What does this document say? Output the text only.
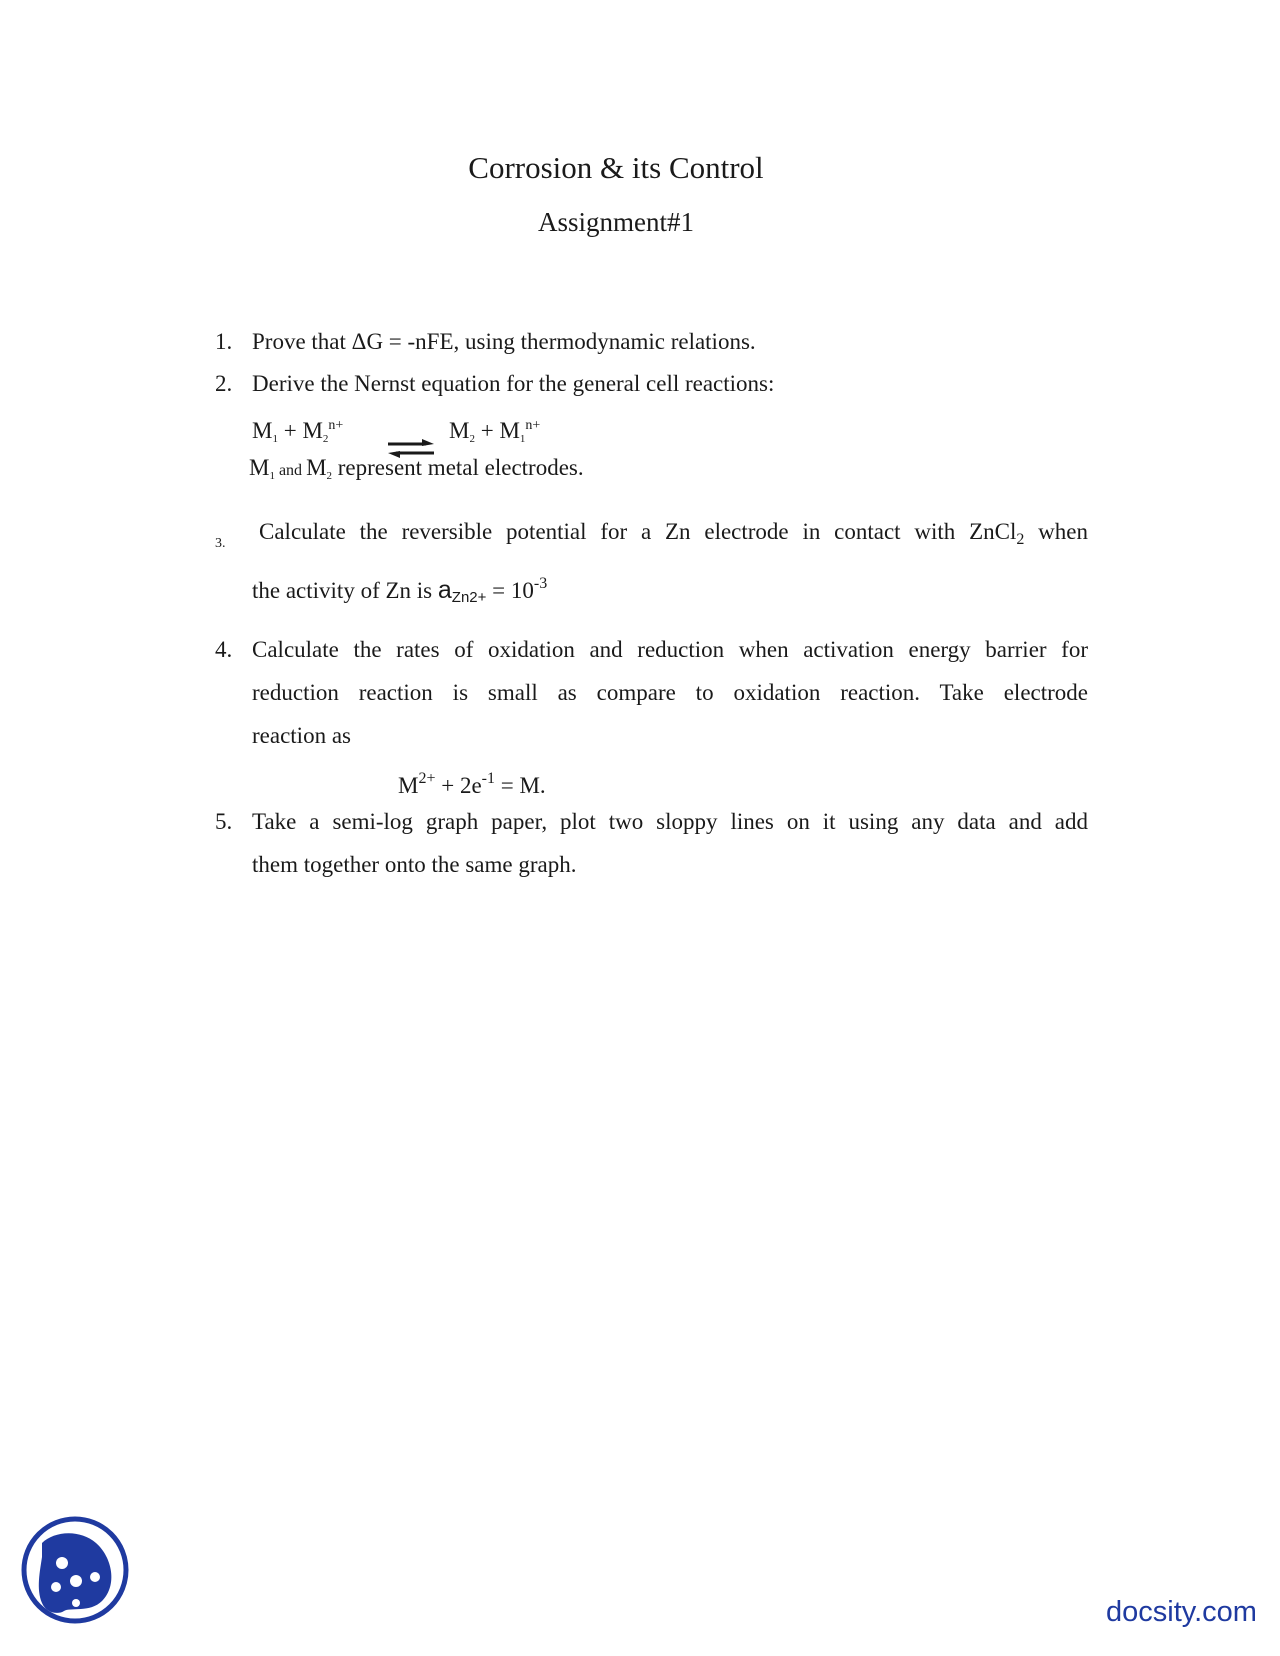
Corrosion & its Control
Assignment#1
1. Prove that ΔG = -nFE, using thermodynamic relations.
2. Derive the Nernst equation for the general cell reactions:
$M1 + M2^{n+}$	$M2 + M1^{n+}$
M1 and M2 represent metal electrodes.
3. Calculate the reversible potential for a Zn electrode in contact with ZnCl$_2$ when
the activity of Zn is $aZn2+ = 10^{-3}$
4. Calculate the rates of oxidation and reduction when activation energy barrier for
reduction reaction is small as compare to oxidation reaction. Take electrode
reaction as
$M^{2+} + 2e^{-1} = M$.
5. Take a semi-log graph paper, plot two sloppy lines on it using any data and add
them together onto the same graph.
docsity.com
